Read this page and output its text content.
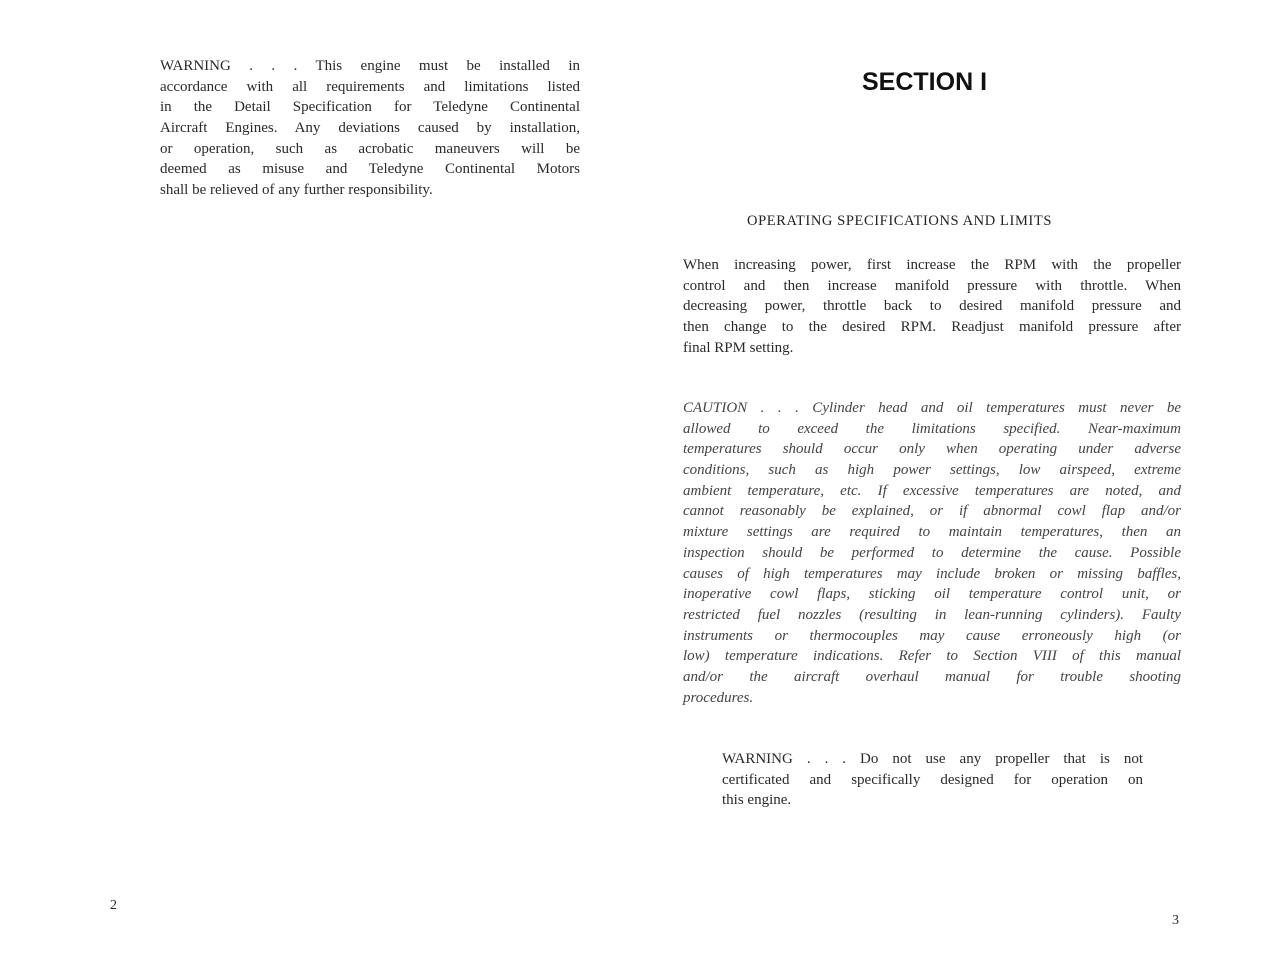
WARNING . . . This engine must be installed in
accordance with all requirements and limitations listed
in the Detail Specification for Teledyne Continental
Aircraft Engines. Any deviations caused by installation,
or operation, such as acrobatic maneuvers will be
deemed as misuse and Teledyne Continental Motors
shall be relieved of any further responsibility.
2
SECTION I
OPERATING SPECIFICATIONS AND LIMITS
When increasing power, first increase the RPM with the propeller
control and then increase manifold pressure with throttle. When
decreasing power, throttle back to desired manifold pressure and
then change to the desired RPM. Readjust manifold pressure after
final RPM setting.
CAUTION . . . Cylinder head and oil temperatures must never be
allowed to exceed the limitations specified. Near-maximum
temperatures should occur only when operating under adverse
conditions, such as high power settings, low airspeed, extreme
ambient temperature, etc. If excessive temperatures are noted, and
cannot reasonably be explained, or if abnormal cowl flap and/or
mixture settings are required to maintain temperatures, then an
inspection should be performed to determine the cause. Possible
causes of high temperatures may include broken or missing baffles,
inoperative cowl flaps, sticking oil temperature control unit, or
restricted fuel nozzles (resulting in lean-running cylinders). Faulty
instruments or thermocouples may cause erroneously high (or
low) temperature indications. Refer to Section VIII of this manual
and/or the aircraft overhaul manual for trouble shooting
procedures.
WARNING . . . Do not use any propeller that is not
certificated and specifically designed for operation on
this engine.
3
